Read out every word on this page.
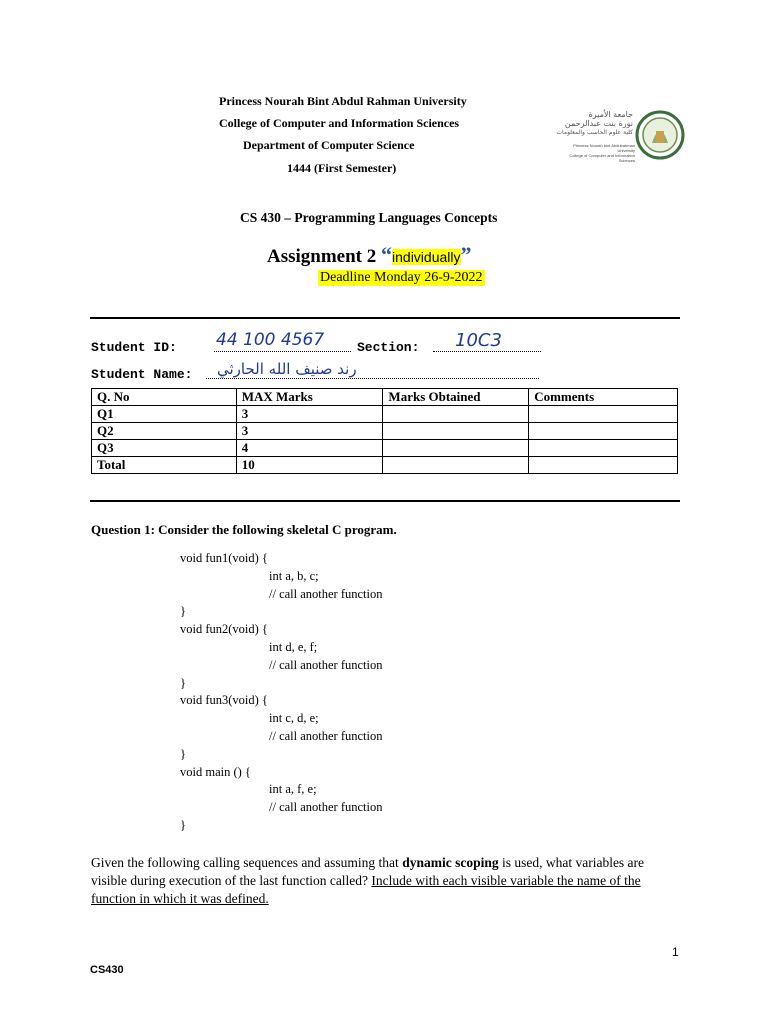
Princess Nourah Bint Abdul Rahman University
College of Computer and Information Sciences
Department of Computer Science
1444 (First Semester)
جامعة الأميرة
نورة بنت عبدالرحمن
كلية علوم الحاسب والمعلومات
Princess Nourah bint Abdulrahman University
College of Computer and Information Sciences
CS 430 – Programming Languages Concepts
Assignment 2 “individually”
Deadline Monday 26-9-2022
Student ID: 44 100 4567	Section: 10C3
Student Name: رند صنيف الله الحارثي
Q. No	MAX Marks	Marks Obtained	Comments
Q1	3		
Q2	3		
Q3	4		
Total	10		
Question 1: Consider the following skeletal C program.
void fun1(void) {
int a, b, c;
// call another function
}
void fun2(void) {
int d, e, f;
// call another function
}
void fun3(void) {
int c, d, e;
// call another function
}
void main () {
int a, f, e;
// call another function
}
Given the following calling sequences and assuming that dynamic scoping is used, what variables are visible during execution of the last function called? Include with each visible variable the name of the function in which it was defined.
1
CS430
